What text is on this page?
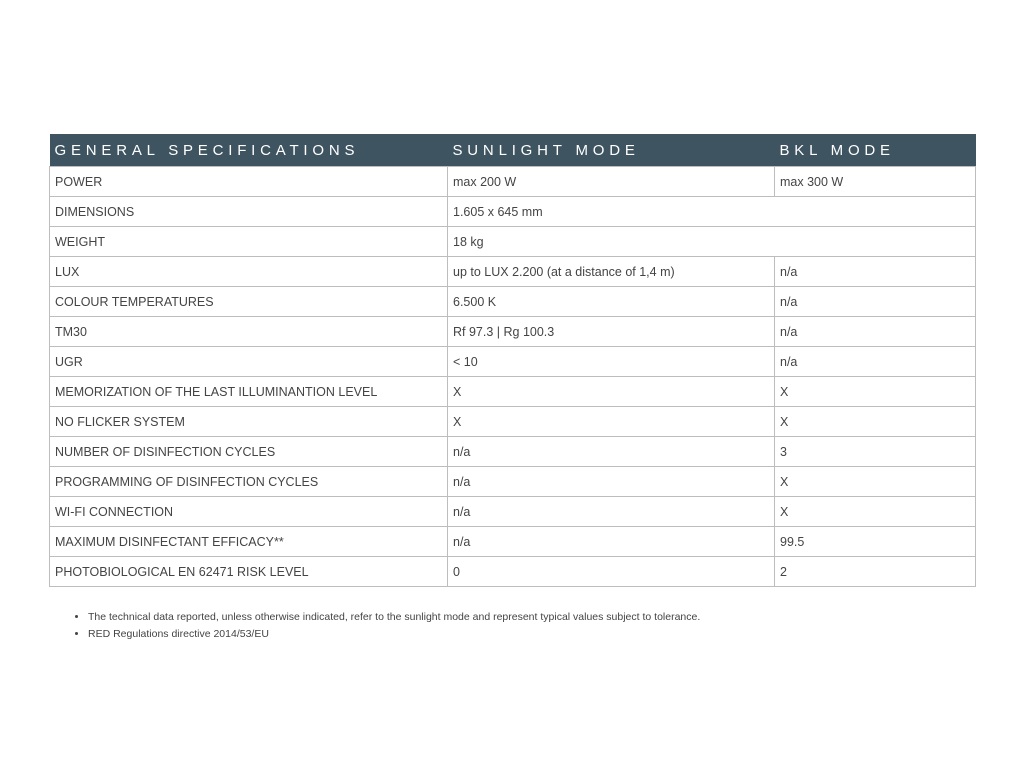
GENERAL SPECIFICATIONS	SUNLIGHT MODE	BKL MODE
POWER	max 200 W	max 300 W
DIMENSIONS	1.605 x 645 mm	
WEIGHT	18 kg	
LUX	up to LUX 2.200 (at a distance of 1,4 m)	n/a
COLOUR TEMPERATURES	6.500 K	n/a
TM30	Rf 97.3 | Rg 100.3	n/a
UGR	< 10	n/a
MEMORIZATION OF THE LAST ILLUMINANTION LEVEL	X	X
NO FLICKER SYSTEM	X	X
NUMBER OF DISINFECTION CYCLES	n/a	3
PROGRAMMING OF DISINFECTION CYCLES	n/a	X
WI-FI CONNECTION	n/a	X
MAXIMUM DISINFECTANT EFFICACY**	n/a	99.5
PHOTOBIOLOGICAL EN 62471 RISK LEVEL	0	2
• The technical data reported, unless otherwise indicated, refer to the sunlight mode and represent typical values subject to tolerance.
• RED Regulations directive 2014/53/EU
